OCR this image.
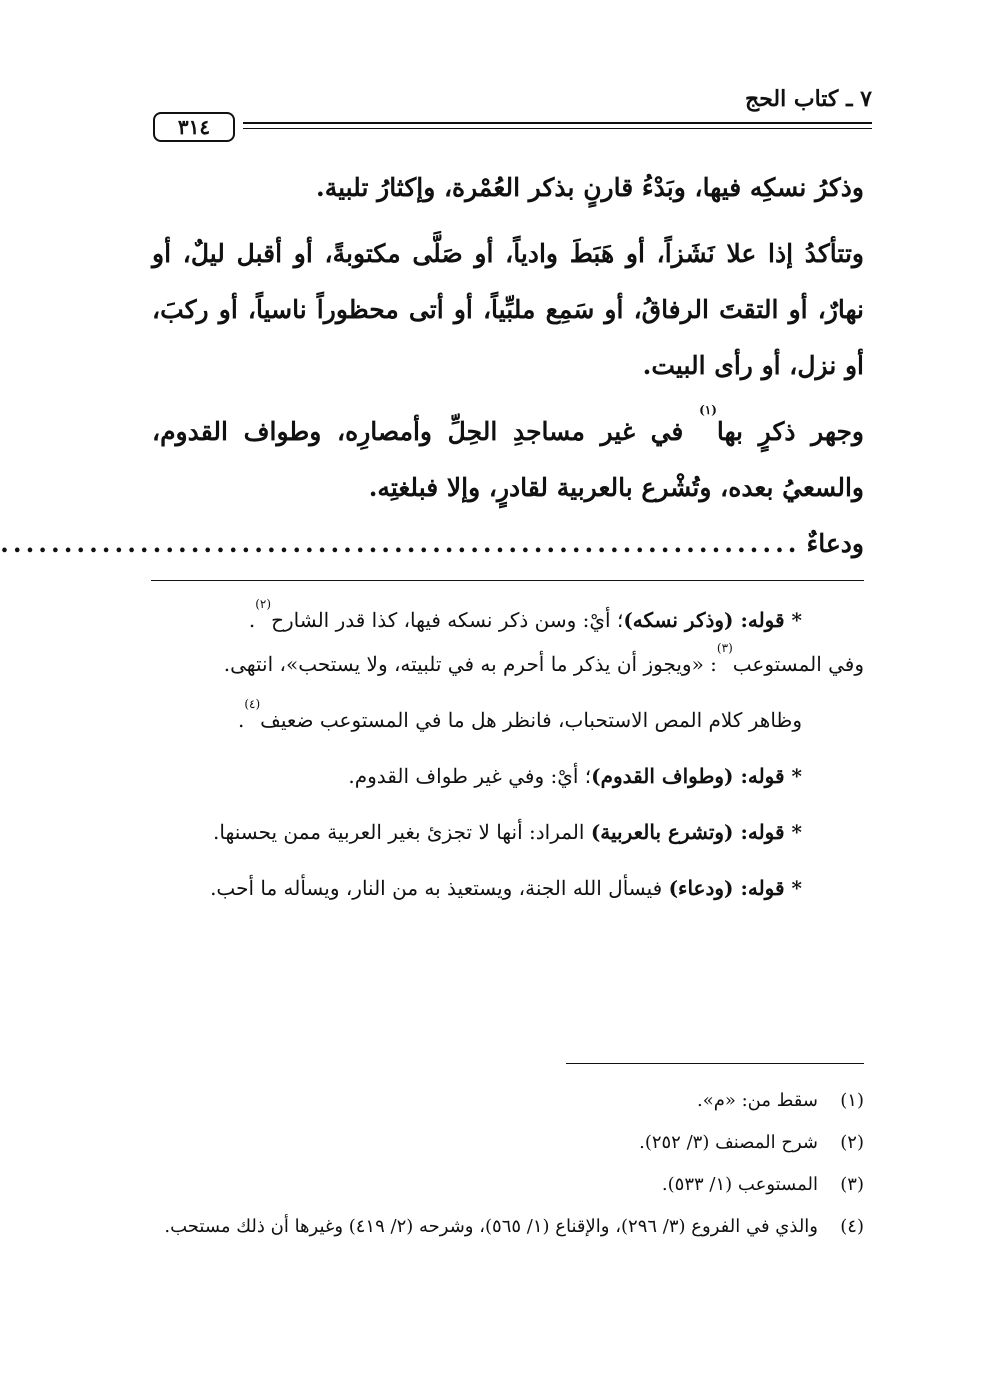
٧ ـ كتاب الحج
٣١٤

وذكرُ نسكِه فيها، وبَدْءُ قارنٍ بذكر العُمْرة، وإكثارُ تلبية.

وتتأكدُ إذا علا نَشَزاً، أو هَبَطَ وادياً، أو صَلَّى مكتوبةً، أو أقبل ليلٌ، أو نهارٌ، أو التقتَ الرفاقُ، أو سَمِع ملبِّياً، أو أتى محظوراً ناسياً، أو ركبَ، أو نزل، أو رأى البيت.

وجهر ذكرٍ بها$^{(١)}$ في غير مساجدِ الحِلِّ وأمصارِه، وطواف القدوم، والسعيُ بعده، وتُشْرع بالعربية لقادرٍ، وإلا فبلغتِه.

ودعاءٌ
...............................................................

* قوله: (وذكر نسكه)؛ أيْ: وسن ذكر نسكه فيها، كذا قدر الشارح$^{(٢)}$.

وفي المستوعب$^{(٣)}$: «ويجوز أن يذكر ما أحرم به في تلبيته، ولا يستحب»، انتهى.

وظاهر كلام المص الاستحباب، فانظر هل ما في المستوعب ضعيف$^{(٤)}$.

* قوله: (وطواف القدوم)؛ أيْ: وفي غير طواف القدوم.

* قوله: (وتشرع بالعربية) المراد: أنها لا تجزئ بغير العربية ممن يحسنها.

* قوله: (ودعاء) فيسأل الله الجنة، ويستعيذ به من النار، ويسأله ما أحب.

(١)
سقط من: «م».
(٢)
شرح المصنف (٣/ ٢٥٢).
(٣)
المستوعب (١/ ٥٣٣).
(٤)
والذي في الفروع (٣/ ٢٩٦)، والإقناع (١/ ٥٦٥)، وشرحه (٢/ ٤١٩) وغيرها أن ذلك مستحب.
